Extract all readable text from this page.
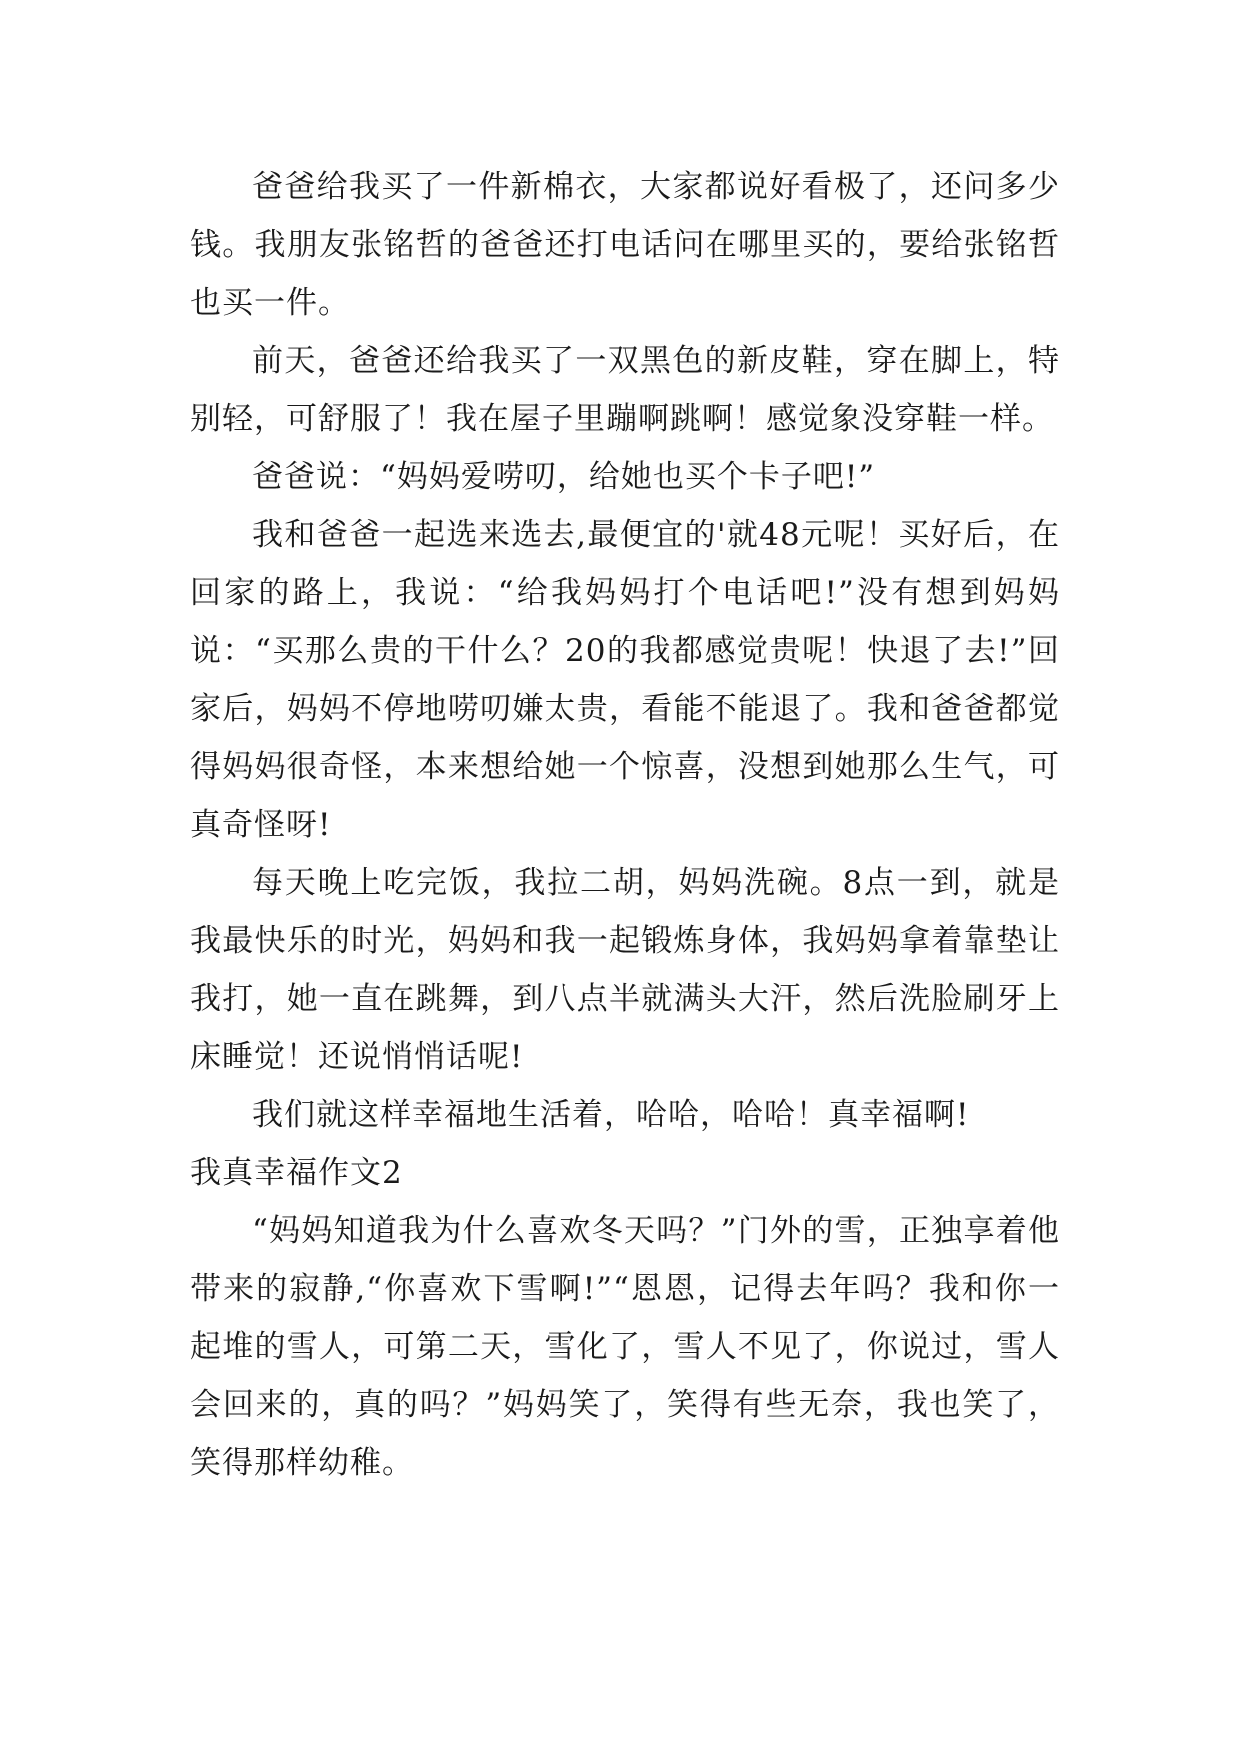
爸爸给我买了一件新棉衣，大家都说好看极了，还问多少钱。我朋友张铭哲的爸爸还打电话问在哪里买的，要给张铭哲也买一件。

前天，爸爸还给我买了一双黑色的新皮鞋，穿在脚上，特别轻，可舒服了！我在屋子里蹦啊跳啊！感觉象没穿鞋一样。

爸爸说：“妈妈爱唠叨，给她也买个卡子吧!”

我和爸爸一起选来选去,最便宜的'就48元呢！买好后，在回家的路上，我说：“给我妈妈打个电话吧!”没有想到妈妈说：“买那么贵的干什么？20的我都感觉贵呢！快退了去!”回家后，妈妈不停地唠叨嫌太贵，看能不能退了。我和爸爸都觉得妈妈很奇怪，本来想给她一个惊喜，没想到她那么生气，可真奇怪呀!

每天晚上吃完饭，我拉二胡，妈妈洗碗。8点一到，就是我最快乐的时光，妈妈和我一起锻炼身体，我妈妈拿着靠垫让我打，她一直在跳舞，到八点半就满头大汗，然后洗脸刷牙上床睡觉！还说悄悄话呢!

我们就这样幸福地生活着，哈哈，哈哈！真幸福啊!

我真幸福作文2

“妈妈知道我为什么喜欢冬天吗？”门外的雪，正独享着他带来的寂静,“你喜欢下雪啊!”“恩恩，记得去年吗？我和你一起堆的雪人，可第二天，雪化了，雪人不见了，你说过，雪人会回来的，真的吗？”妈妈笑了，笑得有些无奈，我也笑了，笑得那样幼稚。
